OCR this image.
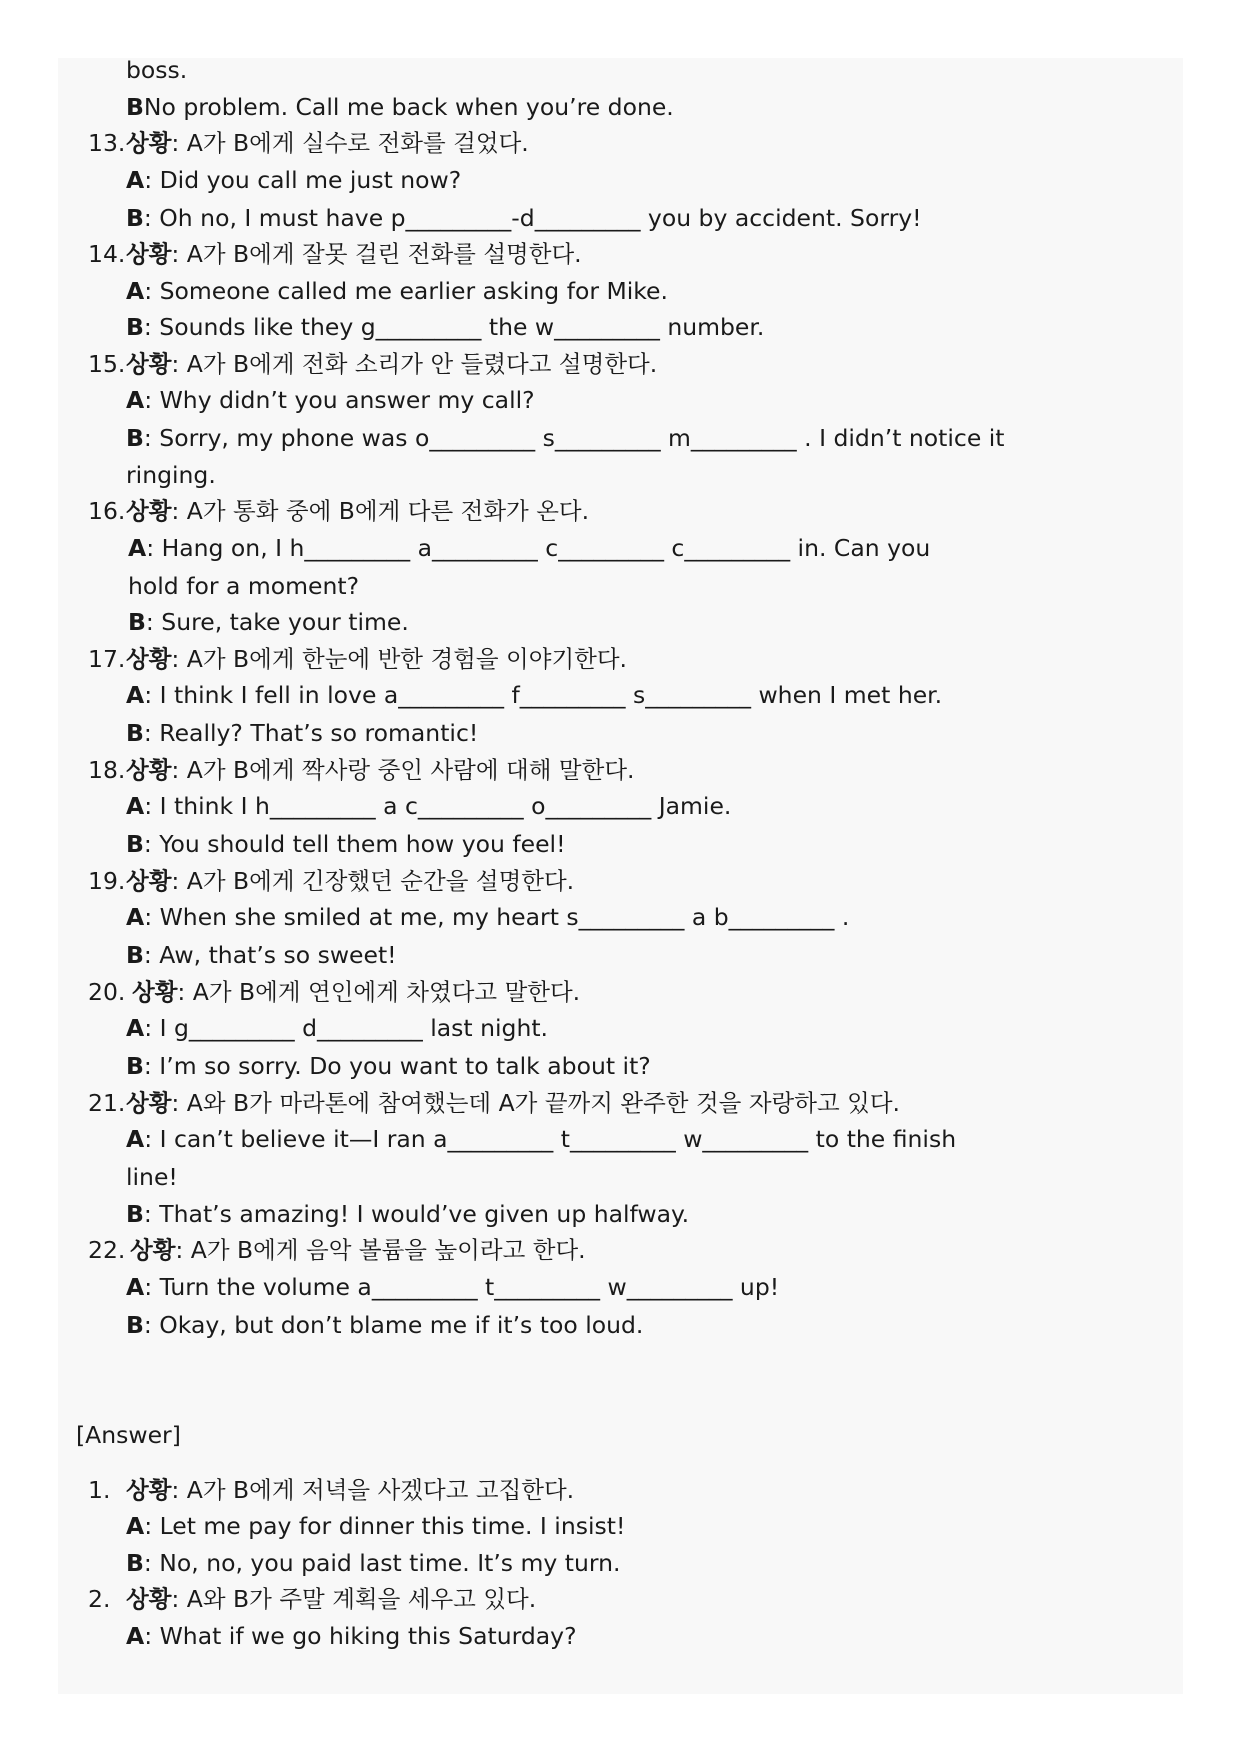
boss.
BNo problem. Call me back when you’re done.
13. 상황: A가 B에게 실수로 전화를 걸었다.
A: Did you call me just now?
B: Oh no, I must have p_________-d_________ you by accident. Sorry!
14. 상황: A가 B에게 잘못 걸린 전화를 설명한다.
A: Someone called me earlier asking for Mike.
B: Sounds like they g_________ the w_________ number.
15. 상황: A가 B에게 전화 소리가 안 들렸다고 설명한다.
A: Why didn’t you answer my call?
B: Sorry, my phone was o_________ s_________ m_________ . I didn’t notice it
ringing.
16. 상황: A가 통화 중에 B에게 다른 전화가 온다.
A: Hang on, I h_________ a_________ c_________ c_________ in. Can you
hold for a moment?
B: Sure, take your time.
17. 상황: A가 B에게 한눈에 반한 경험을 이야기한다.
A: I think I fell in love a_________ f_________ s_________ when I met her.
B: Really? That’s so romantic!
18. 상황: A가 B에게 짝사랑 중인 사람에 대해 말한다.
A: I think I h_________ a c_________ o_________ Jamie.
B: You should tell them how you feel!
19. 상황: A가 B에게 긴장했던 순간을 설명한다.
A: When she smiled at me, my heart s_________ a b_________ .
B: Aw, that’s so sweet!
20. 상황: A가 B에게 연인에게 차였다고 말한다.
A: I g_________ d_________ last night.
B: I’m so sorry. Do you want to talk about it?
21. 상황: A와 B가 마라톤에 참여했는데 A가 끝까지 완주한 것을 자랑하고 있다.
A: I can’t believe it—I ran a_________ t_________ w_________ to the finish
line!
B: That’s amazing! I would’ve given up halfway.
22. 상황: A가 B에게 음악 볼륨을 높이라고 한다.
A: Turn the volume a_________ t_________ w_________ up!
B: Okay, but don’t blame me if it’s too loud.
[Answer]
1. 상황: A가 B에게 저녁을 사겠다고 고집한다.
A: Let me pay for dinner this time. I insist!
B: No, no, you paid last time. It’s my turn.
2. 상황: A와 B가 주말 계획을 세우고 있다.
A: What if we go hiking this Saturday?
